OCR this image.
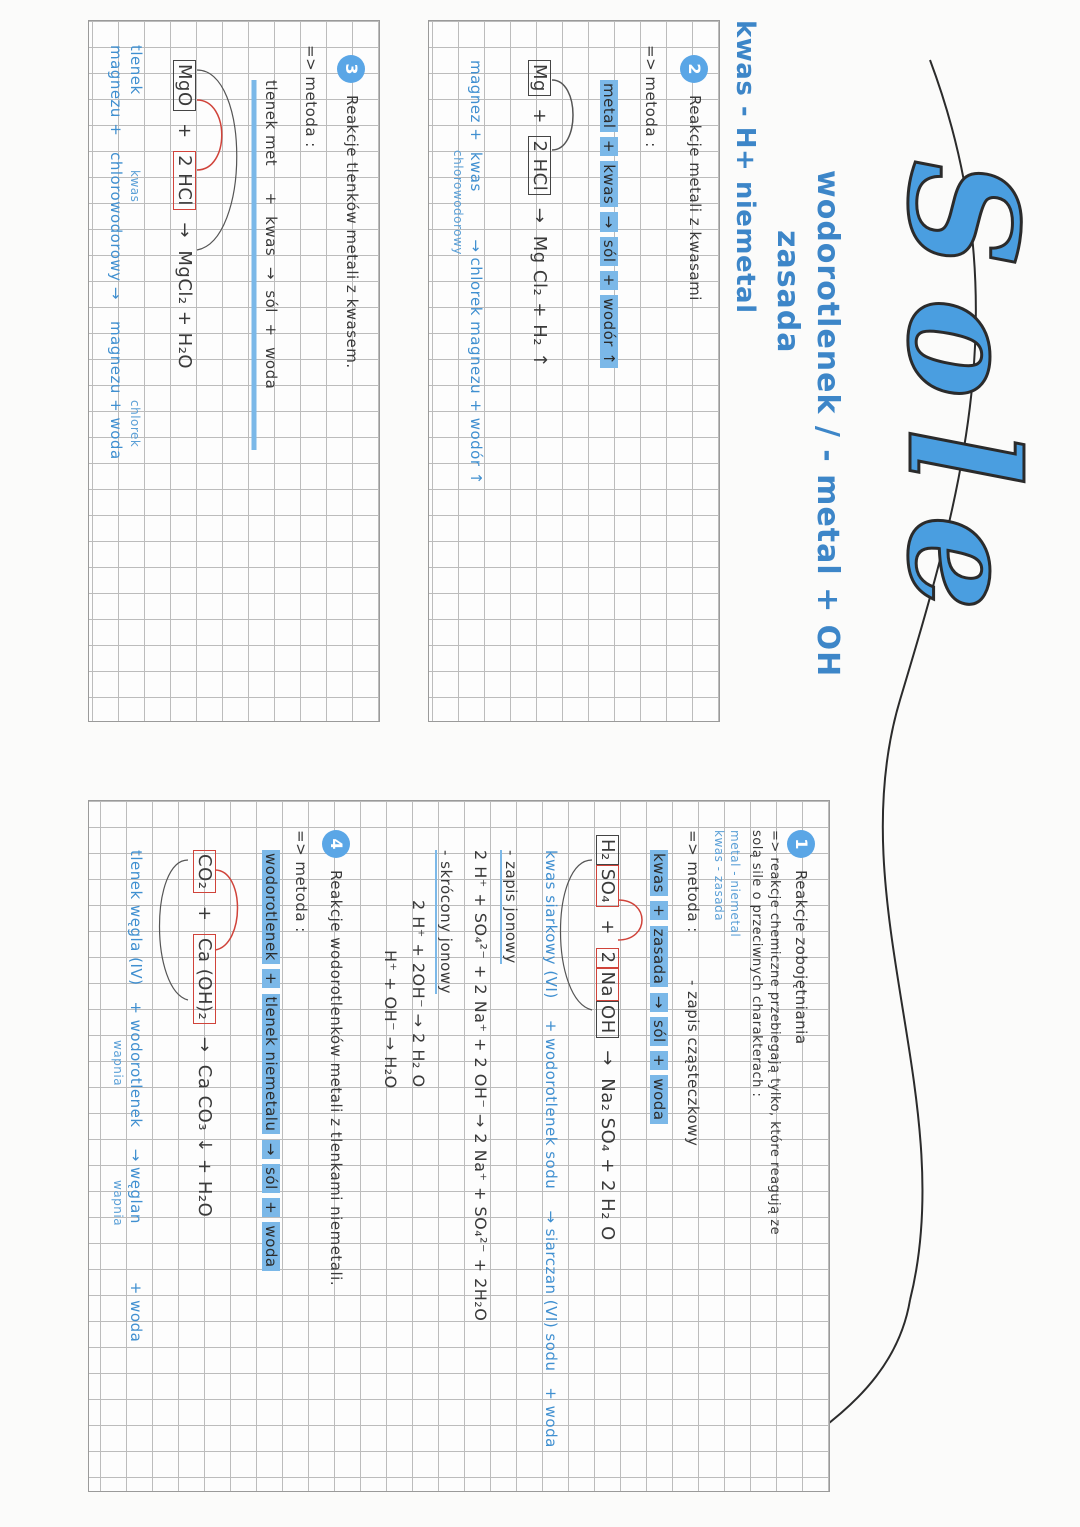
Sole
wodorotlenek / - metal + OH
zasada
kwas - H+ niemetal
2
Reakcje metali z kwasami
=> metoda :
metal + kwas → sól + wodór ↑
Mg  +  2 HCl  →  Mg Cl₂ + H₂ ↑
magnez +  kwas         → chlorek magnezu + wodór ↑
chlorowodorowy
3
Reakcje tlenków metali z kwasem.
=> metoda :
tlenek met     +  kwas  →  sól  +  woda
MgO  +  2 HCl  →  MgCl₂ + H₂O
tlenek
magnezu +   chlorowodorowy →    magnezu + woda
kwas
chlorek
1
Reakcje zobojętniania
=> reakcje chemiczne przebiegają tylko, które reagują ze
solą sile o przeciwnych charakterach :
metal - niemetal
kwas - zasada
=> metoda :
- zapis cząsteczkowy
kwas + zasada → sól + woda
H₂SO₄  +  2NaOH  →  Na₂ SO₄ + 2 H₂ O
kwas siarkowy (VI)    + wodorotlenek sodu    → siarczan (VI) sodu   + woda
- zapis jonowy
2 H⁺ + SO₄²⁻ + 2 Na⁺ + 2 OH⁻ → 2 Na⁺ + SO₄²⁻ + 2H₂O
- skrócony jonowy
2 H⁺ + 2OH⁻ → 2 H₂ O
H⁺ + OH⁻ → H₂O
4
Reakcje wodorotlenków metali z tlenkami niemetali.
=> metoda :
wodorotlenek + tlenek niemetalu → sól + woda
CO₂  +  Ca (OH)₂  →  Ca CO₃ ↓ + H₂O
tlenek węgla (IV)   + wodorotlenek    → węglan           + woda
wapnia
wapnia
